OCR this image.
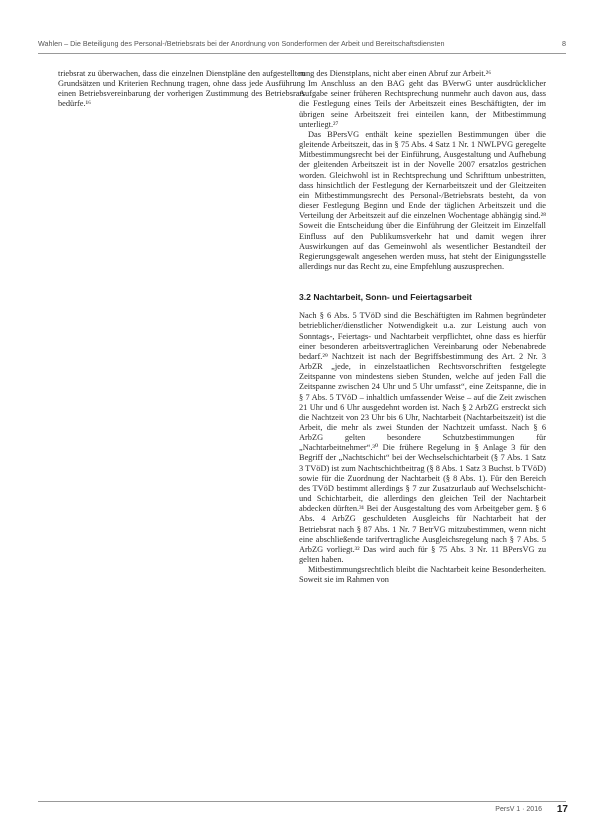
Wahlen – Die Beteiligung des Personal-/Betriebsrats bei der Anordnung von Sonderformen der Arbeit und Bereitschaftsdiensten	8

triebsrat zu überwachen, dass die einzelnen Dienstpläne den aufgestellten Grundsätzen und Kriterien Rechnung tragen, ohne dass jede Ausführung einen Betriebsvereinbarung der vorherigen Zustimmung des Betriebsrats bedürfe.¹⁶

rung des Dienstplans, nicht aber einen Abruf zur Arbeit.²⁶

Im Anschluss an den BAG geht das BVerwG unter ausdrücklicher Aufgabe seiner früheren Rechtsprechung nunmehr auch davon aus, dass die Festlegung eines Teils der Arbeitszeit eines Beschäftigten, der im übrigen seine Arbeitszeit frei einteilen kann, der Mitbestimmung unterliegt.²⁷

Das BPersVG enthält keine speziellen Bestimmungen über die gleitende Arbeitszeit, das in § 75 Abs. 4 Satz 1 Nr. 1 NWLPVG geregelte Mitbestimmungsrecht bei der Einführung, Ausgestaltung und Aufhebung der gleitenden Arbeitszeit ist in der Novelle 2007 ersatzlos gestrichen worden. Gleichwohl ist in Rechtsprechung und Schrifttum unbestritten, dass hinsichtlich der Festlegung der Kernarbeitszeit und der Gleitzeiten ein Mitbestimmungsrecht des Personal-/Betriebsrats besteht, da von dieser Festlegung Beginn und Ende der täglichen Arbeitszeit und die Verteilung der Arbeitszeit auf die einzelnen Wochentage abhängig sind.²⁸ Soweit die Entscheidung über die Einführung der Gleitzeit im Einzelfall Einfluss auf den Publikumsverkehr hat und damit wegen ihrer Auswirkungen auf das Gemeinwohl als wesentlicher Bestandteil der Regierungsgewalt angesehen werden muss, hat steht der Einigungsstelle allerdings nur das Recht zu, eine Empfehlung auszusprechen.

3.2 Nachtarbeit, Sonn- und Feiertagsarbeit

Nach § 6 Abs. 5 TVöD sind die Beschäftigten im Rahmen begründeter betrieblicher/dienstlicher Notwendigkeit u.a. zur Leistung auch von Sonntags-, Feiertags- und Nachtarbeit verpflichtet, ohne dass es hierfür einer besonderen arbeitsvertraglichen Vereinbarung oder Nebenabrede bedarf.²⁹ Nachtzeit ist nach der Begriffsbestimmung des Art. 2 Nr. 3 ArbZR „jede, in einzelstaatlichen Rechtsvorschriften festgelegte Zeitspanne von mindestens sieben Stunden, welche auf jeden Fall die Zeitspanne zwischen 24 Uhr und 5 Uhr umfasst“, eine Zeitspanne, die in § 7 Abs. 5 TVöD – inhaltlich umfassender Weise – auf die Zeit zwischen 21 Uhr und 6 Uhr ausgedehnt worden ist. Nach § 2 ArbZG erstreckt sich die Nachtzeit von 23 Uhr bis 6 Uhr, Nachtarbeit (Nachtarbeitszeit) ist die Arbeit, die mehr als zwei Stunden der Nachtzeit umfasst. Nach § 6 ArbZG gelten besondere Schutzbestimmungen für „Nachtarbeitnehmer“.³⁰ Die frühere Regelung in § Anlage 3 für den Begriff der „Nachtschicht“ bei der Wechselschichtarbeit (§ 7 Abs. 1 Satz 3 TVöD) ist zum Nachtschichtbeitrag (§ 8 Abs. 1 Satz 3 Buchst. b TVöD) sowie für die Zuordnung der Nachtarbeit (§ 8 Abs. 1). Für den Bereich des TVöD bestimmt allerdings § 7 zur Zusatzurlaub auf Wechselschicht- und Schichtarbeit, die allerdings den gleichen Teil der Nachtarbeit abdecken dürften.³¹ Bei der Ausgestaltung des vom Arbeitgeber gem. § 6 Abs. 4 ArbZG geschuldeten Ausgleichs für Nachtarbeit hat der Betriebsrat nach § 87 Abs. 1 Nr. 7 BetrVG mitzubestimmen, wenn nicht eine abschließende tarifvertragliche Ausgleichsregelung nach § 7 Abs. 5 ArbZG vorliegt.³² Das wird auch für § 75 Abs. 3 Nr. 11 BPersVG zu gelten haben.

Mitbestimmungsrechtlich bleibt die Nachtarbeit keine Besonderheiten. Soweit sie im Rahmen von

PersV 1 · 2016 17
